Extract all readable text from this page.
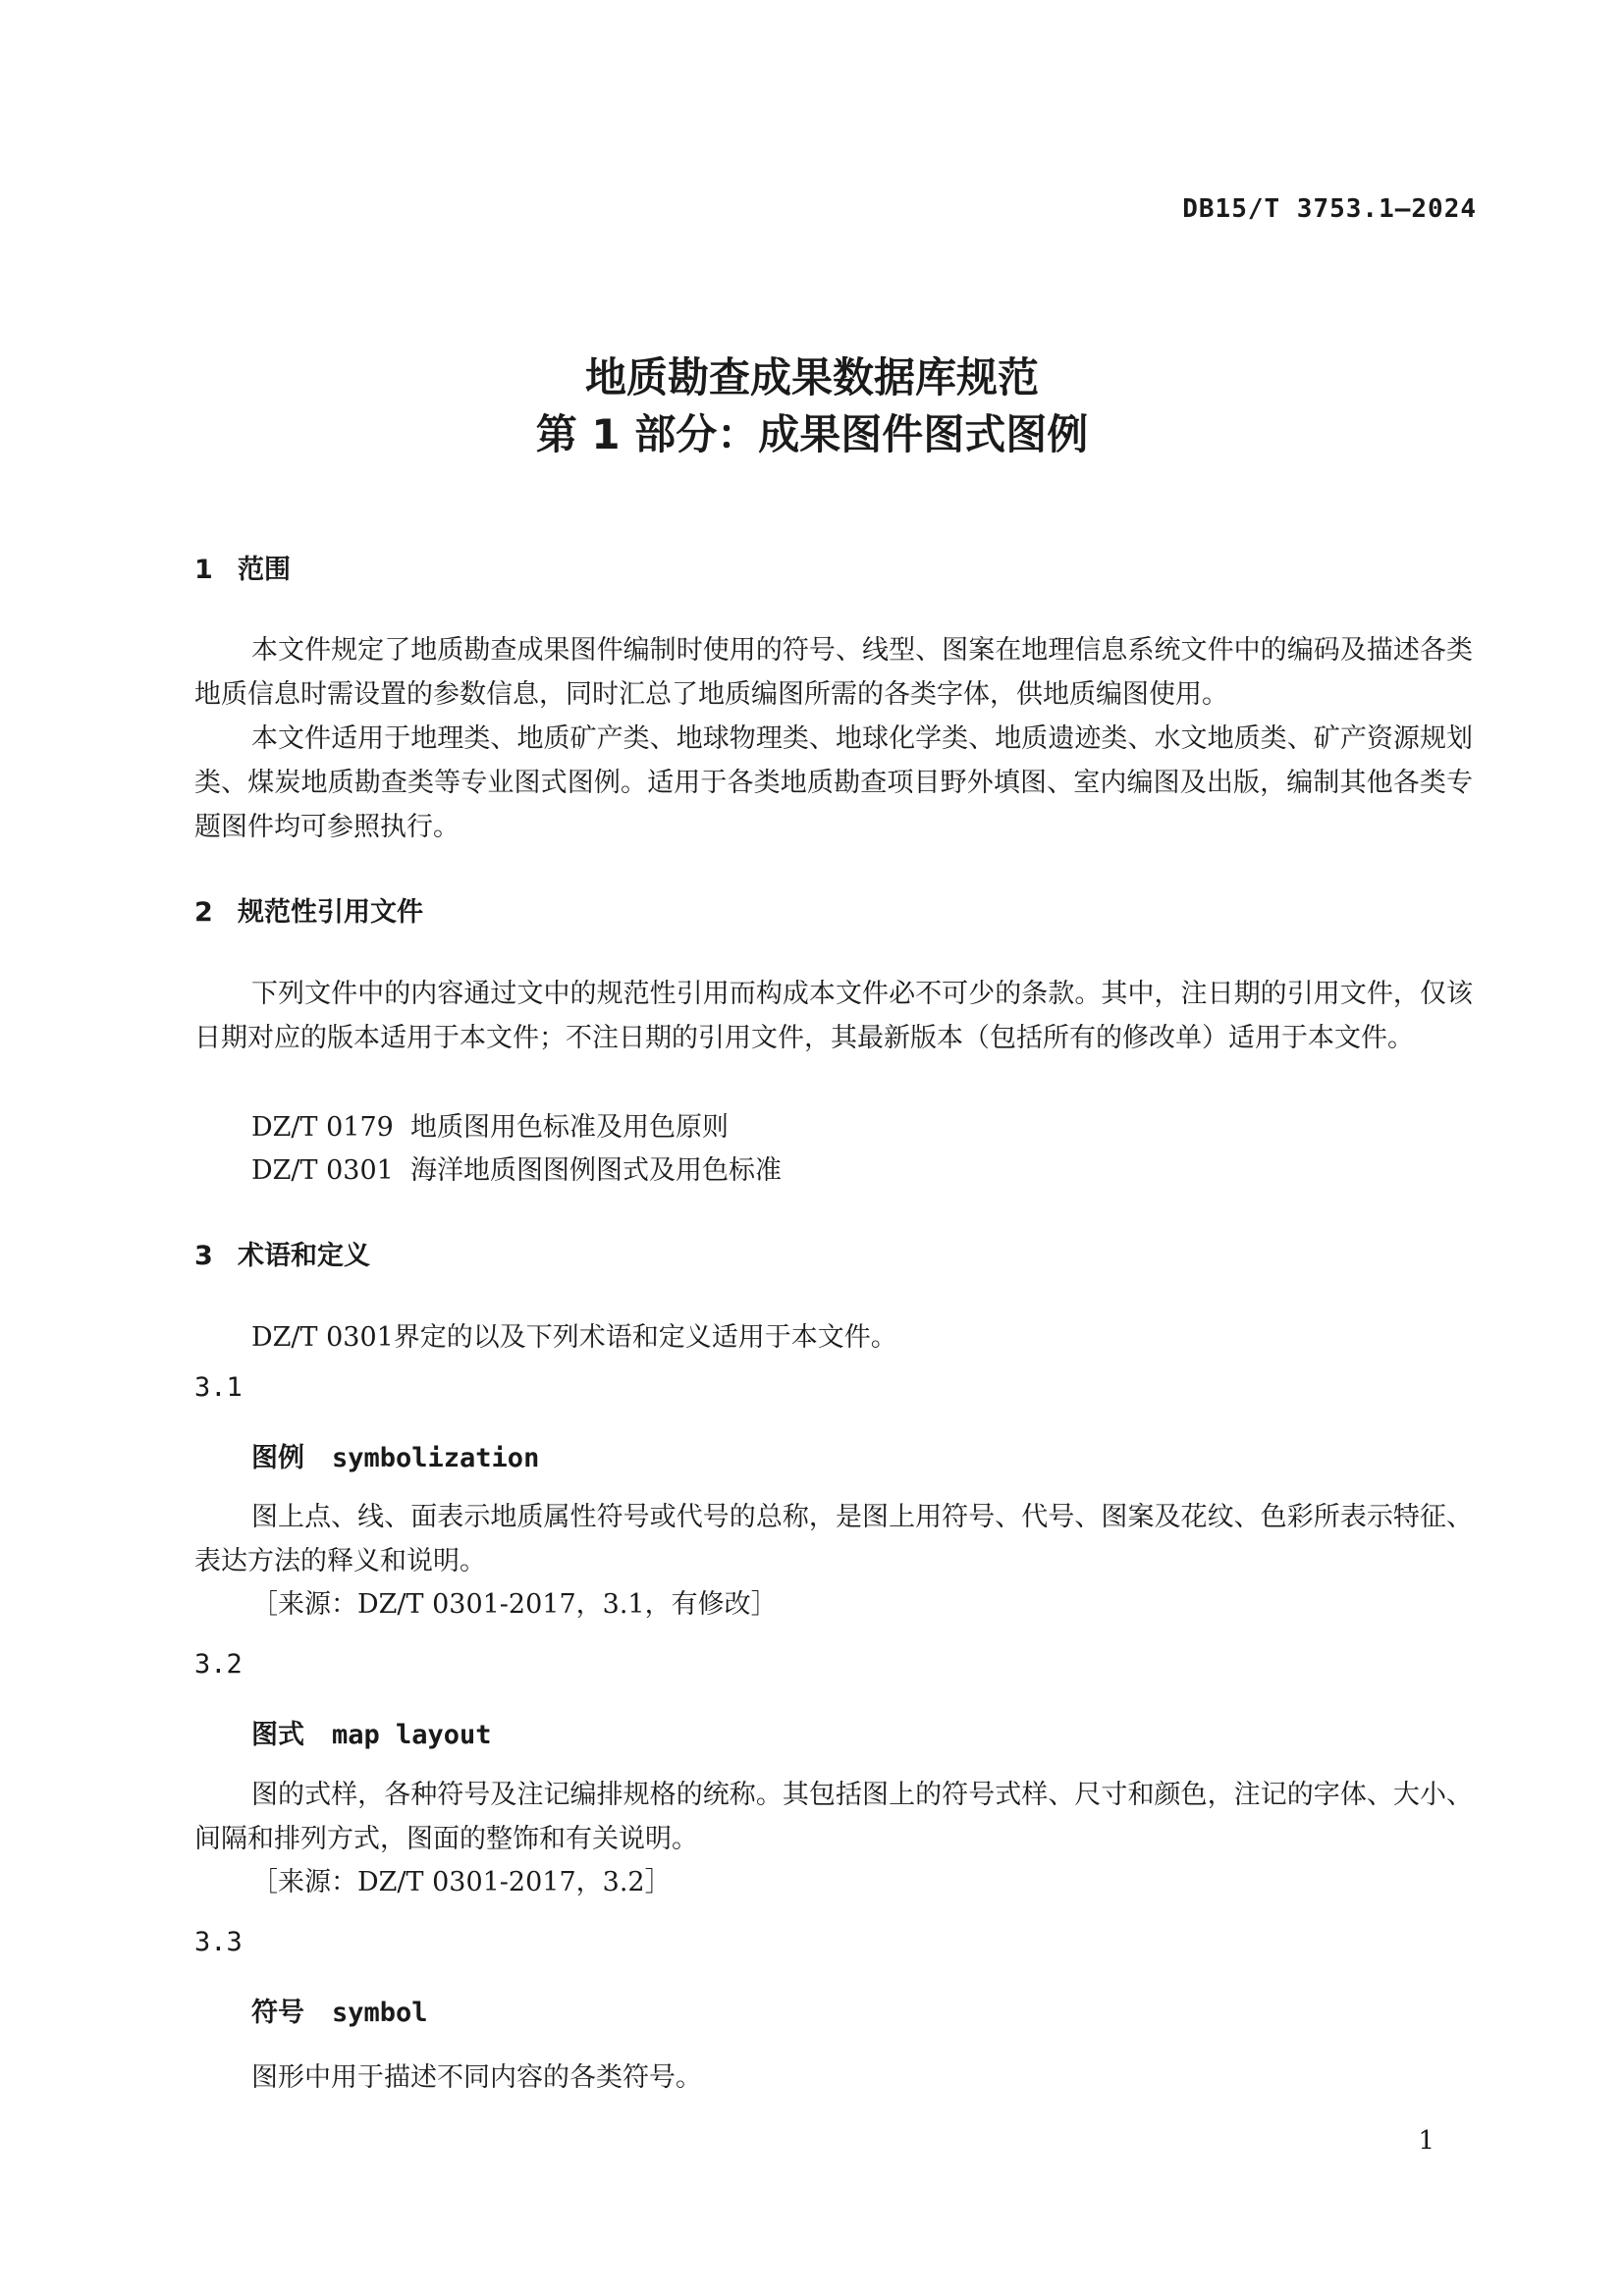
DB15/T 3753.1—2024
地质勘查成果数据库规范
第 1 部分：成果图件图式图例
1 范围
本文件规定了地质勘查成果图件编制时使用的符号、线型、图案在地理信息系统文件中的编码及描述各类地质信息时需设置的参数信息，同时汇总了地质编图所需的各类字体，供地质编图使用。
本文件适用于地理类、地质矿产类、地球物理类、地球化学类、地质遗迹类、水文地质类、矿产资源规划类、煤炭地质勘查类等专业图式图例。适用于各类地质勘查项目野外填图、室内编图及出版，编制其他各类专题图件均可参照执行。
2 规范性引用文件
下列文件中的内容通过文中的规范性引用而构成本文件必不可少的条款。其中，注日期的引用文件，仅该日期对应的版本适用于本文件；不注日期的引用文件，其最新版本（包括所有的修改单）适用于本文件。
DZ/T 0179 地质图用色标准及用色原则
DZ/T 0301 海洋地质图图例图式及用色标准
3 术语和定义
DZ/T 0301界定的以及下列术语和定义适用于本文件。
3.1
图例 symbolization
图上点、线、面表示地质属性符号或代号的总称，是图上用符号、代号、图案及花纹、色彩所表示特征、表达方法的释义和说明。
［来源：DZ/T 0301-2017，3.1，有修改］
3.2
图式 map layout
图的式样，各种符号及注记编排规格的统称。其包括图上的符号式样、尺寸和颜色，注记的字体、大小、间隔和排列方式，图面的整饰和有关说明。
［来源：DZ/T 0301-2017，3.2］
3.3
符号 symbol
图形中用于描述不同内容的各类符号。
1
